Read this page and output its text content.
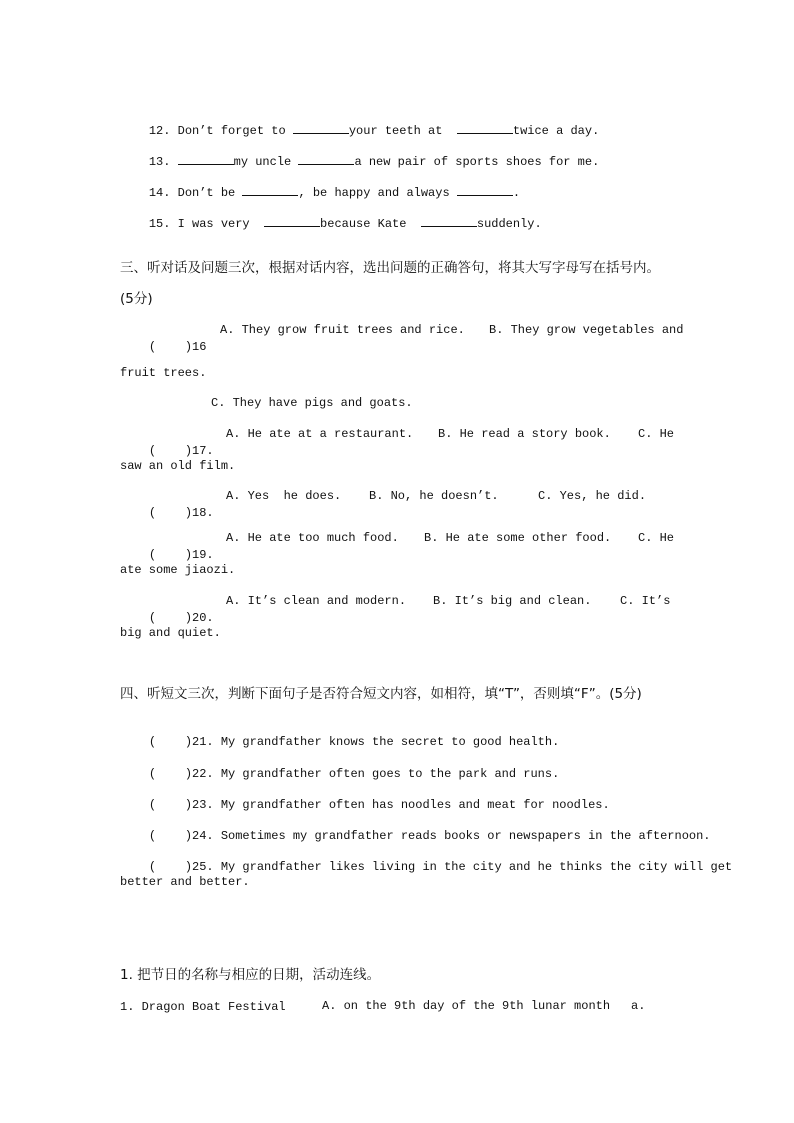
12. Don’t forget to	your teeth at	twice a day.

13.	my uncle	a new pair of sports shoes for me.

14. Don’t be	, be happy and always	.

15. I was very	because Kate	suddenly.

三、听对话及问题三次，根据对话内容，选出问题的正确答句，将其大写字母写在括号内。
(5分)

(    )16

A. They grow fruit trees and rice. B. They grow vegetables and
fruit trees.
C. They have pigs and goats.

(    )17.

A. He ate at a restaurant. B. He read a story book. C. He
saw an old film.

(    )18.

A. Yes  he does. B. No, he doesn’t.	C. Yes, he did.

(    )19.

A. He ate too much food. B. He ate some other food. C. He
ate some jiaozi.

(    )20.

A. It’s clean and modern. B. It’s big and clean. C. It’s
big and quiet.
四、听短文三次，判断下面句子是否符合短文内容，如相符，填“T”，否则填“F”。(5分)

(    )21. My grandfather knows the secret to good health.

(    )22. My grandfather often goes to the park and runs.

(    )23. My grandfather often has noodles and meat for noodles.

(    )24. Sometimes my grandfather reads books or newspapers in the afternoon.

(    )25. My grandfather likes living in the city and he thinks the city will get

better and better.
1. 把节日的名称与相应的日期，活动连线。
1. Dragon Boat Festival	A. on the 9th day of the 9th lunar month a.
